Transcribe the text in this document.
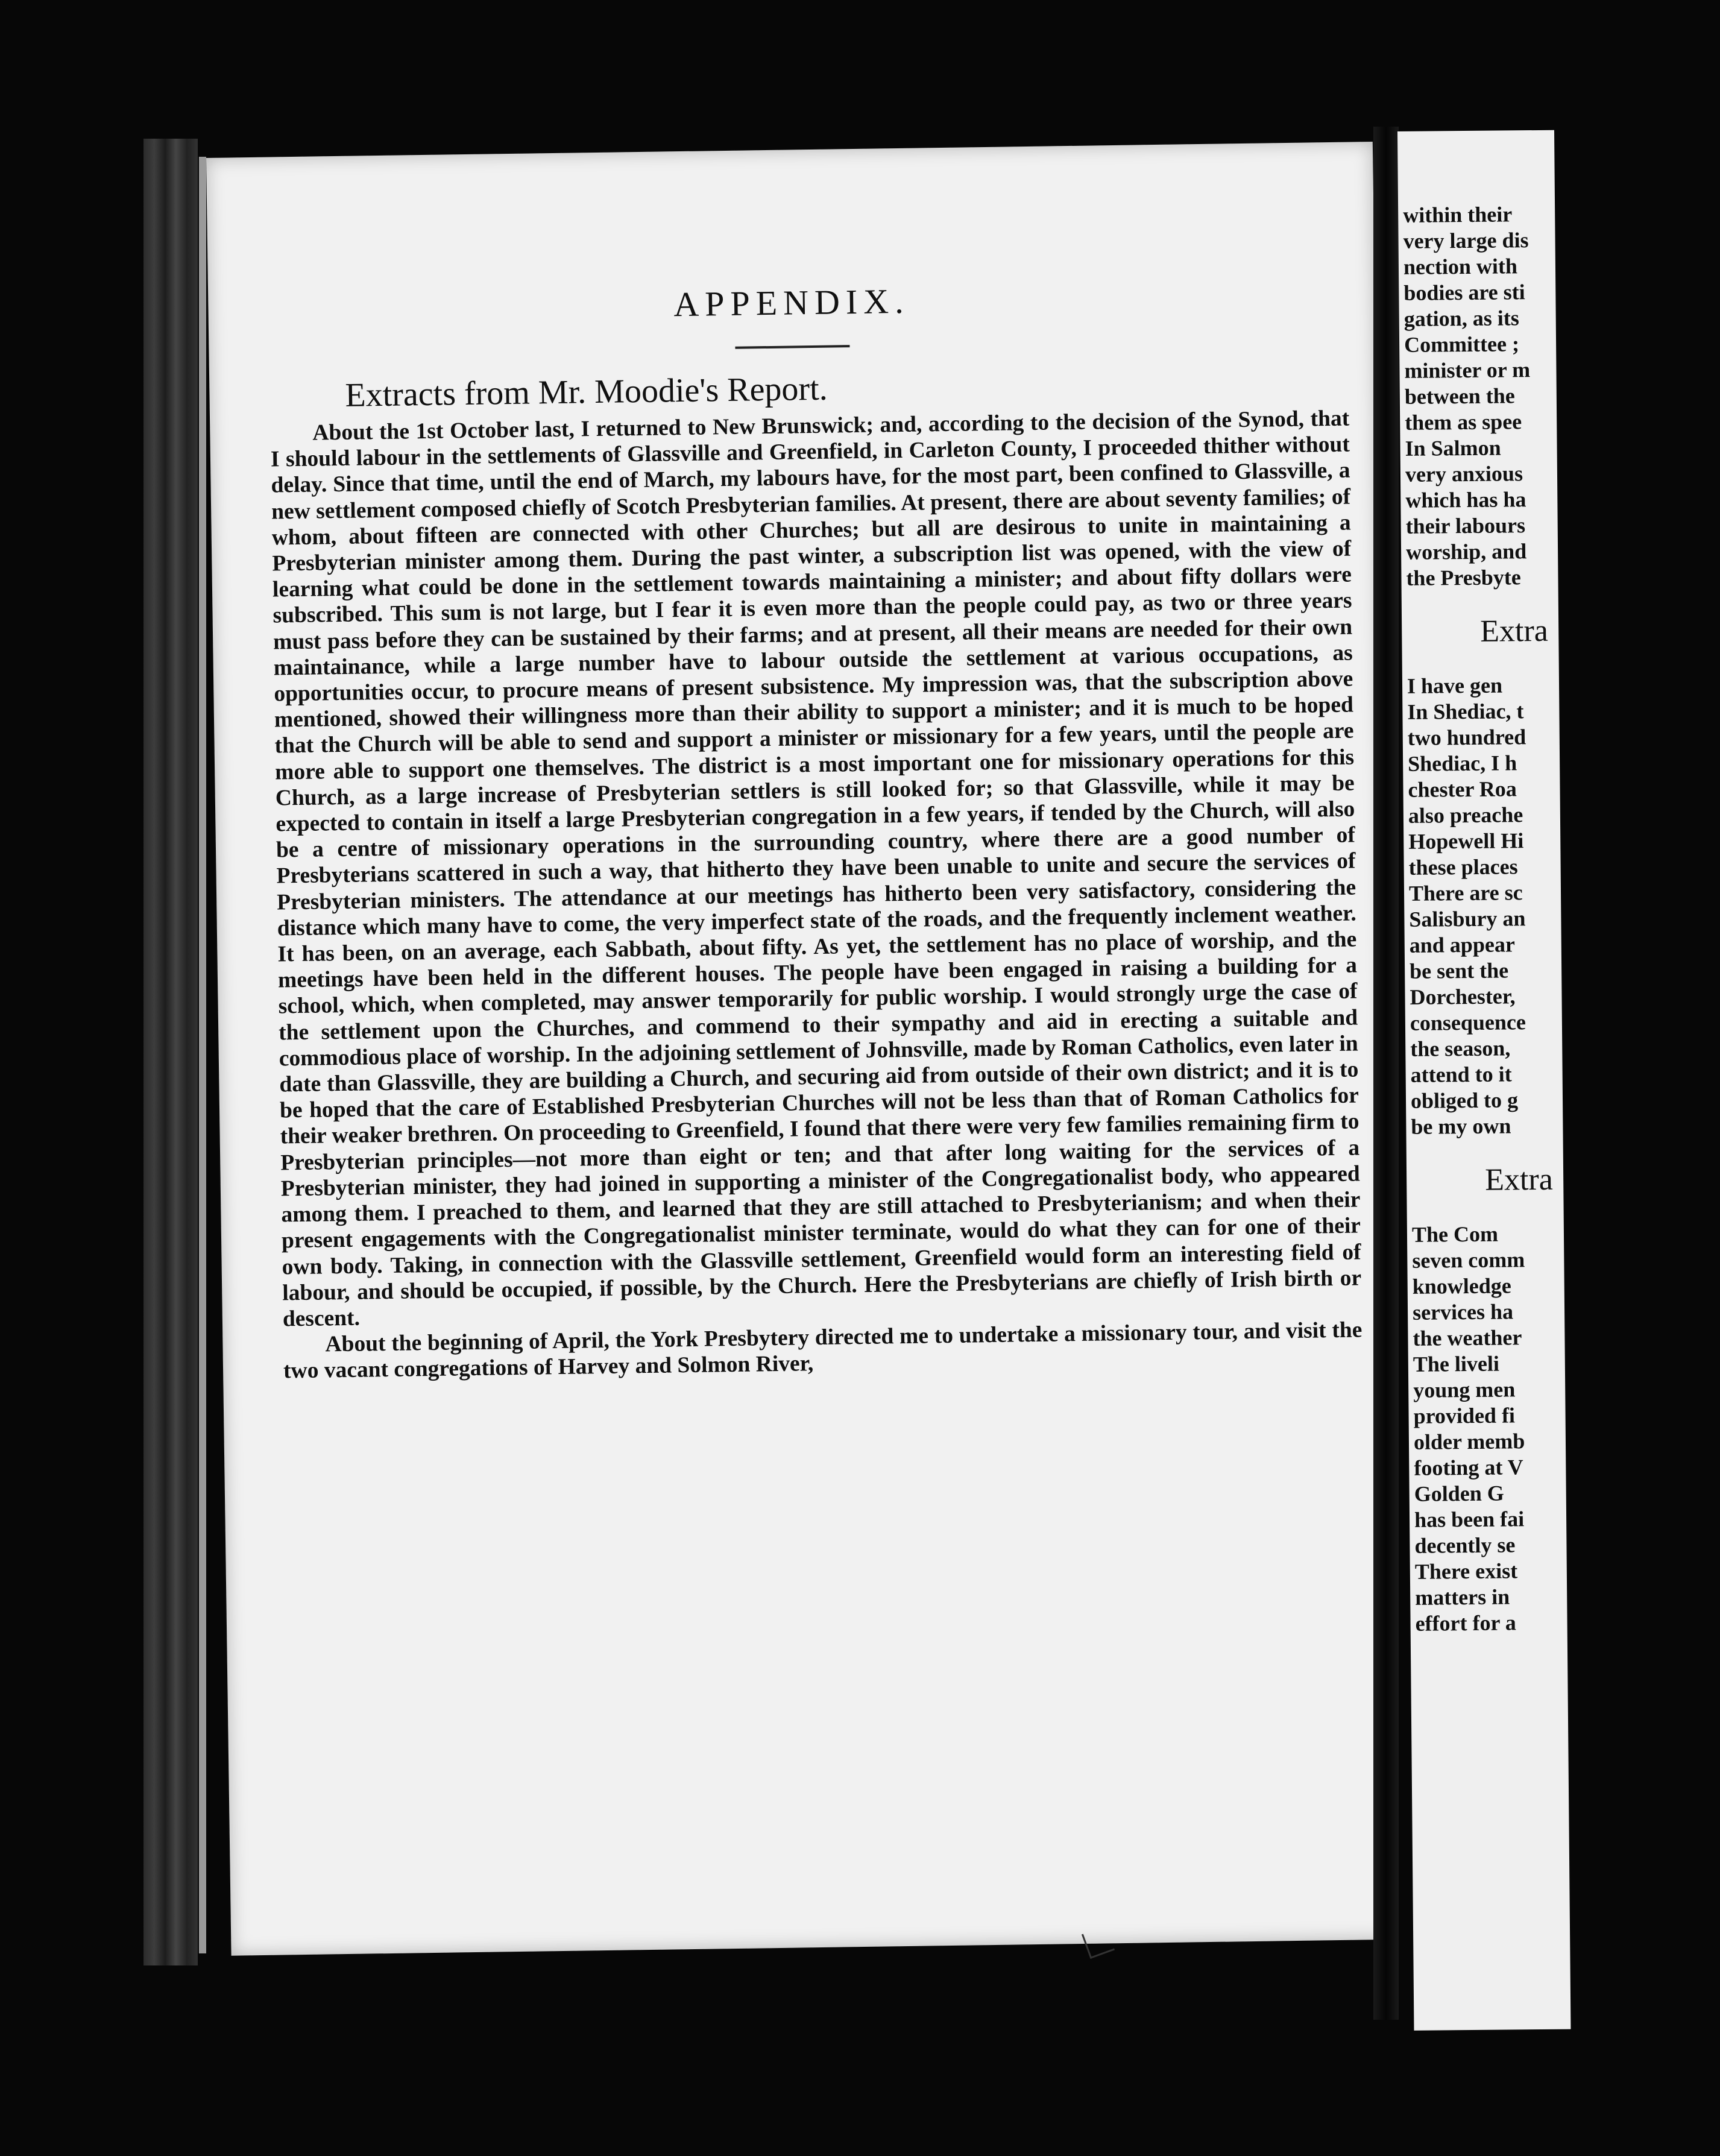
APPENDIX.
Extracts from Mr. Moodie's Report.

About the 1st October last, I returned to New Brunswick; and, according to the decision of the Synod, that I should labour in the settlements of Glassville and Greenfield, in Carleton County, I proceeded thither without delay. Since that time, until the end of March, my labours have, for the most part, been confined to Glassville, a new settlement composed chiefly of Scotch Presbyterian families. At present, there are about seventy families; of whom, about fifteen are connected with other Churches; but all are desirous to unite in maintaining a Presbyterian minister among them. During the past winter, a subscription list was opened, with the view of learning what could be done in the settlement towards maintaining a minister; and about fifty dollars were subscribed. This sum is not large, but I fear it is even more than the people could pay, as two or three years must pass before they can be sustained by their farms; and at present, all their means are needed for their own maintainance, while a large number have to labour outside the settlement at various occupations, as opportunities occur, to procure means of present subsistence. My impression was, that the subscription above mentioned, showed their willingness more than their ability to support a minister; and it is much to be hoped that the Church will be able to send and support a minister or missionary for a few years, until the people are more able to support one themselves. The district is a most important one for missionary operations for this Church, as a large increase of Presbyterian settlers is still looked for; so that Glassville, while it may be expected to contain in itself a large Presbyterian congregation in a few years, if tended by the Church, will also be a centre of missionary operations in the surrounding country, where there are a good number of Presbyterians scattered in such a way, that hitherto they have been unable to unite and secure the services of Presbyterian ministers. The attendance at our meetings has hitherto been very satisfactory, considering the distance which many have to come, the very imperfect state of the roads, and the frequently inclement weather. It has been, on an average, each Sabbath, about fifty. As yet, the settlement has no place of worship, and the meetings have been held in the different houses. The people have been engaged in raising a building for a school, which, when completed, may answer temporarily for public worship. I would strongly urge the case of the settlement upon the Churches, and commend to their sympathy and aid in erecting a suitable and commodious place of worship. In the adjoining settlement of Johnsville, made by Roman Catholics, even later in date than Glassville, they are building a Church, and securing aid from outside of their own district; and it is to be hoped that the care of Established Presbyterian Churches will not be less than that of Roman Catholics for their weaker brethren. On proceeding to Greenfield, I found that there were very few families remaining firm to Presbyterian principles—not more than eight or ten; and that after long waiting for the services of a Presbyterian minister, they had joined in supporting a minister of the Congregationalist body, who appeared among them. I preached to them, and learned that they are still attached to Presbyterianism; and when their present engagements with the Congregationalist minister terminate, would do what they can for one of their own body. Taking, in connection with the Glassville settlement, Greenfield would form an interesting field of labour, and should be occupied, if possible, by the Church. Here the Presbyterians are chiefly of Irish birth or descent.

About the beginning of April, the York Presbytery directed me to undertake a missionary tour, and visit the two vacant congregations of Harvey and Solmon River,

within their
very large dis
nection with
bodies are sti
gation, as its
Committee ;
minister or m
between the
them as spee
In Salmon
very anxious
which has ha
their labours
worship, and
the Presbyte
Extra
I have gen
In Shediac, t
two hundred
Shediac, I h
chester Roa
also preache
Hopewell Hi
these places
There are sc
Salisbury an
and appear
be sent the
Dorchester,
consequence
the season,
attend to it
obliged to g
be my own
Extra
The Com
seven comm
knowledge
services ha
the weather
The liveli
young men
provided fi
older memb
footing at V
Golden G
has been fai
decently se
There exist
matters in
effort for a
